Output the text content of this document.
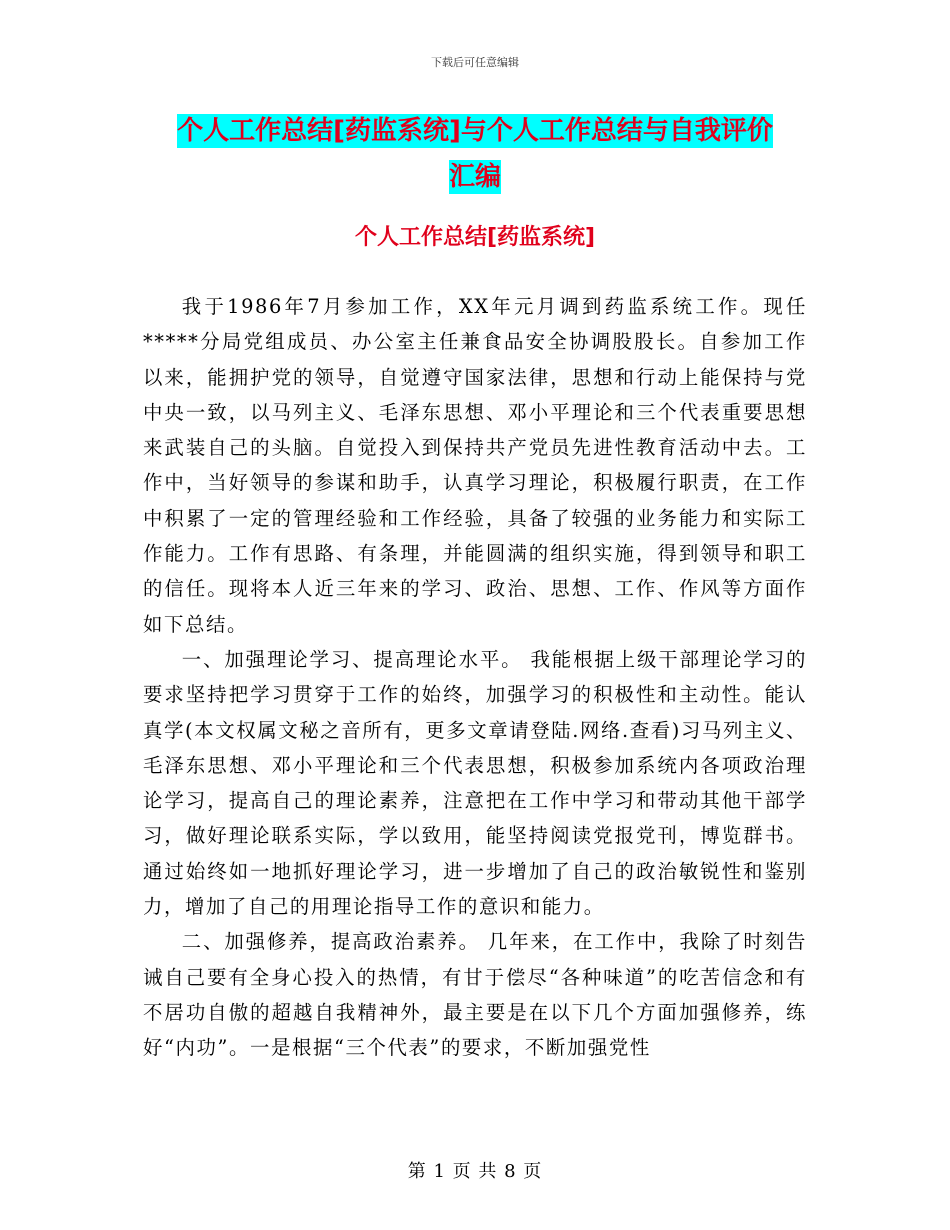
下载后可任意编辑
个人工作总结[药监系统]与个人工作总结与自我评价
汇编
个人工作总结[药监系统]

我于1986年7月参加工作，XX年元月调到药监系统工作。现任*****分局党组成员、办公室主任兼食品安全协调股股长。自参加工作以来，能拥护党的领导，自觉遵守国家法律，思想和行动上能保持与党中央一致，以马列主义、毛泽东思想、邓小平理论和三个代表重要思想来武装自己的头脑。自觉投入到保持共产党员先进性教育活动中去。工作中，当好领导的参谋和助手，认真学习理论，积极履行职责，在工作中积累了一定的管理经验和工作经验，具备了较强的业务能力和实际工作能力。工作有思路、有条理，并能圆满的组织实施，得到领导和职工的信任。现将本人近三年来的学习、政治、思想、工作、作风等方面作如下总结。

一、加强理论学习、提高理论水平。 我能根据上级干部理论学习的要求坚持把学习贯穿于工作的始终，加强学习的积极性和主动性。能认真学(本文权属文秘之音所有，更多文章请登陆.网络.查看)习马列主义、毛泽东思想、邓小平理论和三个代表思想，积极参加系统内各项政治理论学习，提高自己的理论素养，注意把在工作中学习和带动其他干部学习，做好理论联系实际，学以致用，能坚持阅读党报党刊，博览群书。通过始终如一地抓好理论学习，进一步增加了自己的政治敏锐性和鉴别力，增加了自己的用理论指导工作的意识和能力。

二、加强修养，提高政治素养。 几年来，在工作中，我除了时刻告诫自己要有全身心投入的热情，有甘于偿尽“各种味道”的吃苦信念和有不居功自傲的超越自我精神外，最主要是在以下几个方面加强修养，练好“内功”。一是根据“三个代表”的要求，不断加强党性

第 1 页 共 8 页
